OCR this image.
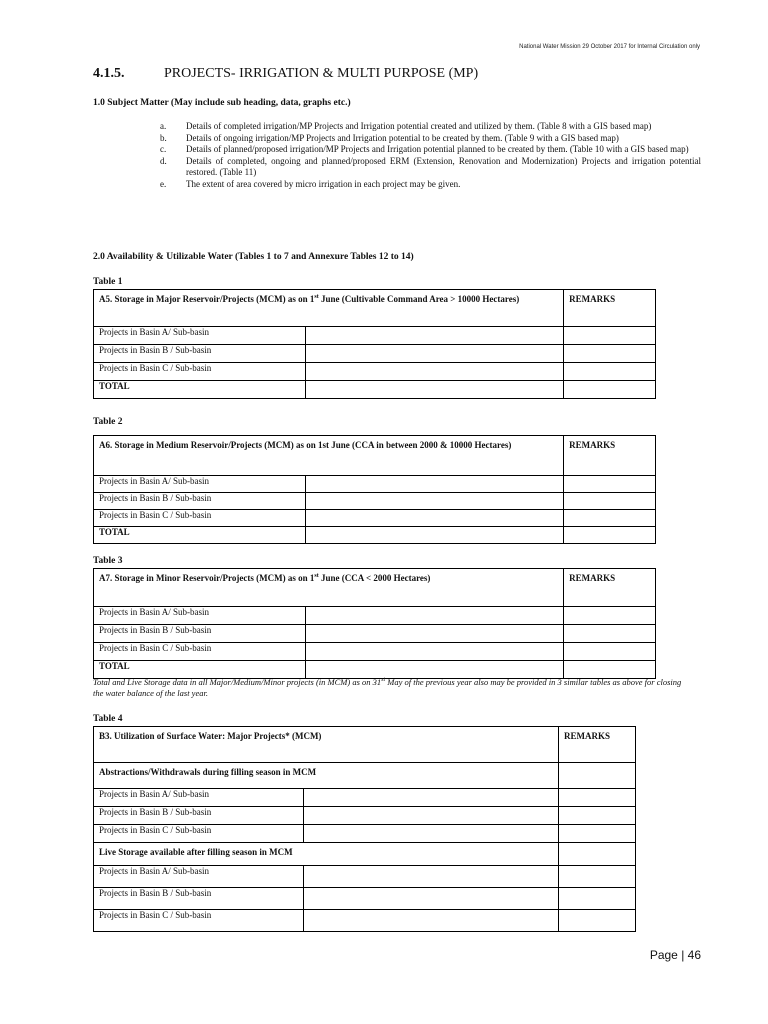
National Water Mission 29 October 2017 for Internal Circulation only
4.1.5.	PROJECTS- IRRIGATION & MULTI PURPOSE (MP)
1.0 Subject Matter (May include sub heading, data, graphs etc.)
a. Details of completed irrigation/MP Projects and Irrigation potential created and utilized by them. (Table 8 with a GIS based map)
b. Details of ongoing irrigation/MP Projects and Irrigation potential to be created by them. (Table 9 with a GIS based map)
c. Details of planned/proposed irrigation/MP Projects and Irrigation potential planned to be created by them. (Table 10 with a GIS based map)
d. Details of completed, ongoing and planned/proposed ERM (Extension, Renovation and Modernization) Projects and irrigation potential restored. (Table 11)
e. The extent of area covered by micro irrigation in each project may be given.
2.0 Availability & Utilizable Water (Tables 1 to 7 and Annexure Tables 12 to 14)
Table 1
A5. Storage in Major Reservoir/Projects (MCM) as on 1st June (Cultivable Command Area > 10000 Hectares)		REMARKS
Projects in Basin A/ Sub-basin		
Projects in Basin B / Sub-basin		
Projects in Basin C / Sub-basin		
TOTAL		
Table 2
A6. Storage in Medium Reservoir/Projects (MCM) as on 1st June (CCA in between 2000 & 10000 Hectares)		REMARKS
Projects in Basin A/ Sub-basin		
Projects in Basin B / Sub-basin		
Projects in Basin C / Sub-basin		
TOTAL		
Table 3
A7. Storage in Minor Reservoir/Projects (MCM) as on 1st June (CCA < 2000 Hectares)		REMARKS
Projects in Basin A/ Sub-basin		
Projects in Basin B / Sub-basin		
Projects in Basin C / Sub-basin		
TOTAL		
Total and Live Storage data in all Major/Medium/Minor projects (in MCM) as on 31st May of the previous year also may be provided in 3 similar tables as above for closing the water balance of the last year.
Table 4
B3. Utilization of Surface Water: Major Projects* (MCM)		REMARKS
Abstractions/Withdrawals during filling season in MCM		
Projects in Basin A/ Sub-basin		
Projects in Basin B / Sub-basin		
Projects in Basin C / Sub-basin		
Live Storage available after filling season in MCM		
Projects in Basin A/ Sub-basin		
Projects in Basin B / Sub-basin		
Projects in Basin C / Sub-basin		
Page | 46
